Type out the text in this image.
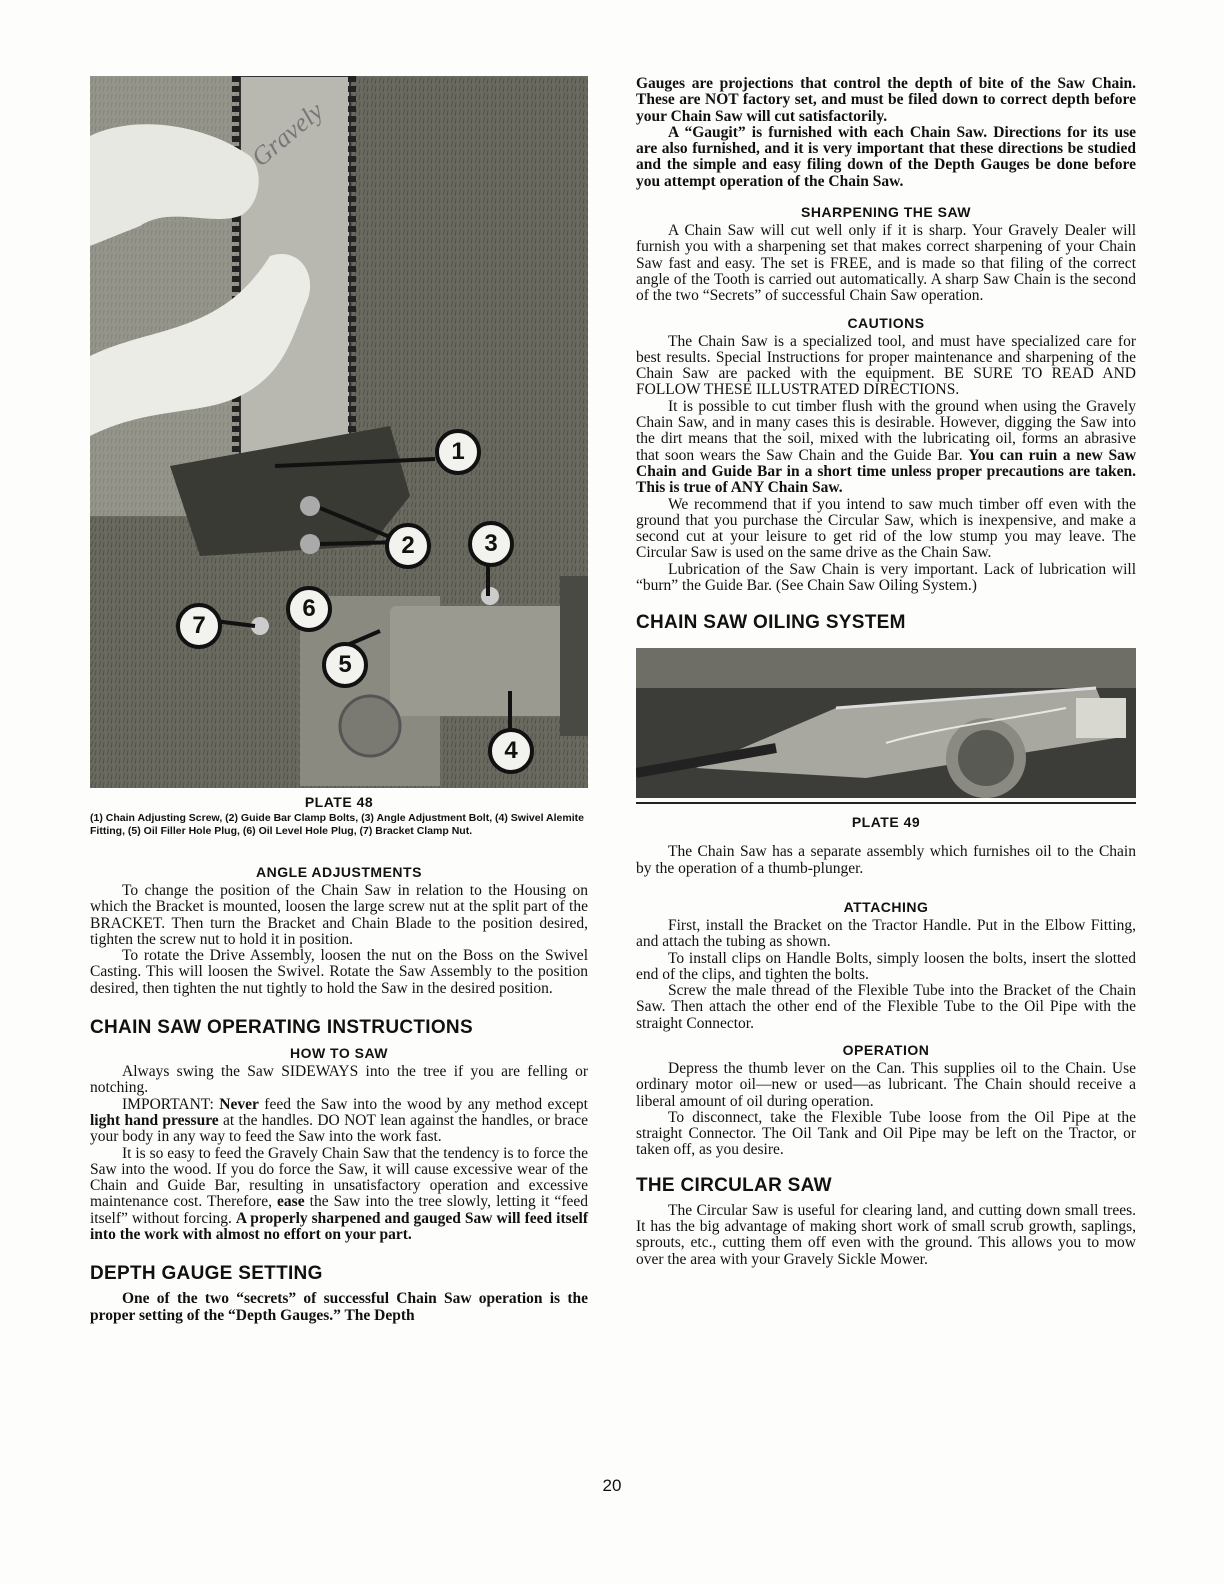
Gravely
1
2	3
4
5
6
7
PLATE 48
(1) Chain Adjusting Screw, (2) Guide Bar Clamp Bolts, (3) Angle Adjustment Bolt, (4) Swivel Alemite Fitting, (5) Oil Filler Hole Plug, (6) Oil Level Hole Plug, (7) Bracket Clamp Nut.
ANGLE ADJUSTMENTS

To change the position of the Chain Saw in relation to the Housing on which the Bracket is mounted, loosen the large screw nut at the split part of the BRACKET. Then turn the Bracket and Chain Blade to the position desired, tighten the screw nut to hold it in position.

To rotate the Drive Assembly, loosen the nut on the Boss on the Swivel Casting. This will loosen the Swivel. Rotate the Saw Assembly to the position desired, then tighten the nut tightly to hold the Saw in the desired position.

CHAIN SAW OPERATING INSTRUCTIONS
HOW TO SAW

Always swing the Saw SIDEWAYS into the tree if you are felling or notching.

IMPORTANT: Never feed the Saw into the wood by any method except light hand pressure at the handles. DO NOT lean against the handles, or brace your body in any way to feed the Saw into the work fast.

It is so easy to feed the Gravely Chain Saw that the tendency is to force the Saw into the wood. If you do force the Saw, it will cause excessive wear of the Chain and Guide Bar, resulting in unsatisfactory operation and excessive maintenance cost. Therefore, ease the Saw into the tree slowly, letting it “feed itself” without forcing. A properly sharpened and gauged Saw will feed itself into the work with almost no effort on your part.

DEPTH GAUGE SETTING

One of the two “secrets” of successful Chain Saw operation is the proper setting of the “Depth Gauges.” The Depth

Gauges are projections that control the depth of bite of the Saw Chain. These are NOT factory set, and must be filed down to correct depth before your Chain Saw will cut satisfactorily.

A “Gaugit” is furnished with each Chain Saw. Directions for its use are also furnished, and it is very important that these directions be studied and the simple and easy filing down of the Depth Gauges be done before you attempt operation of the Chain Saw.

SHARPENING THE SAW

A Chain Saw will cut well only if it is sharp. Your Gravely Dealer will furnish you with a sharpening set that makes correct sharpening of your Chain Saw fast and easy. The set is FREE, and is made so that filing of the correct angle of the Tooth is carried out automatically. A sharp Saw Chain is the second of the two “Secrets” of successful Chain Saw operation.

CAUTIONS

The Chain Saw is a specialized tool, and must have specialized care for best results. Special Instructions for proper maintenance and sharpening of the Chain Saw are packed with the equipment. BE SURE TO READ AND FOLLOW THESE ILLUSTRATED DIRECTIONS.

It is possible to cut timber flush with the ground when using the Gravely Chain Saw, and in many cases this is desirable. However, digging the Saw into the dirt means that the soil, mixed with the lubricating oil, forms an abrasive that soon wears the Saw Chain and the Guide Bar. You can ruin a new Saw Chain and Guide Bar in a short time unless proper precautions are taken. This is true of ANY Chain Saw.

We recommend that if you intend to saw much timber off even with the ground that you purchase the Circular Saw, which is inexpensive, and make a second cut at your leisure to get rid of the low stump you may leave. The Circular Saw is used on the same drive as the Chain Saw.

Lubrication of the Saw Chain is very important. Lack of lubrication will “burn” the Guide Bar. (See Chain Saw Oiling System.)

CHAIN SAW OILING SYSTEM
PLATE 49

The Chain Saw has a separate assembly which furnishes oil to the Chain by the operation of a thumb-plunger.

ATTACHING

First, install the Bracket on the Tractor Handle. Put in the Elbow Fitting, and attach the tubing as shown.

To install clips on Handle Bolts, simply loosen the bolts, insert the slotted end of the clips, and tighten the bolts.

Screw the male thread of the Flexible Tube into the Bracket of the Chain Saw. Then attach the other end of the Flexible Tube to the Oil Pipe with the straight Connector.

OPERATION

Depress the thumb lever on the Can. This supplies oil to the Chain. Use ordinary motor oil—new or used—as lubricant. The Chain should receive a liberal amount of oil during operation.

To disconnect, take the Flexible Tube loose from the Oil Pipe at the straight Connector. The Oil Tank and Oil Pipe may be left on the Tractor, or taken off, as you desire.

THE CIRCULAR SAW

The Circular Saw is useful for clearing land, and cutting down small trees. It has the big advantage of making short work of small scrub growth, saplings, sprouts, etc., cutting them off even with the ground. This allows you to mow over the area with your Gravely Sickle Mower.

20
